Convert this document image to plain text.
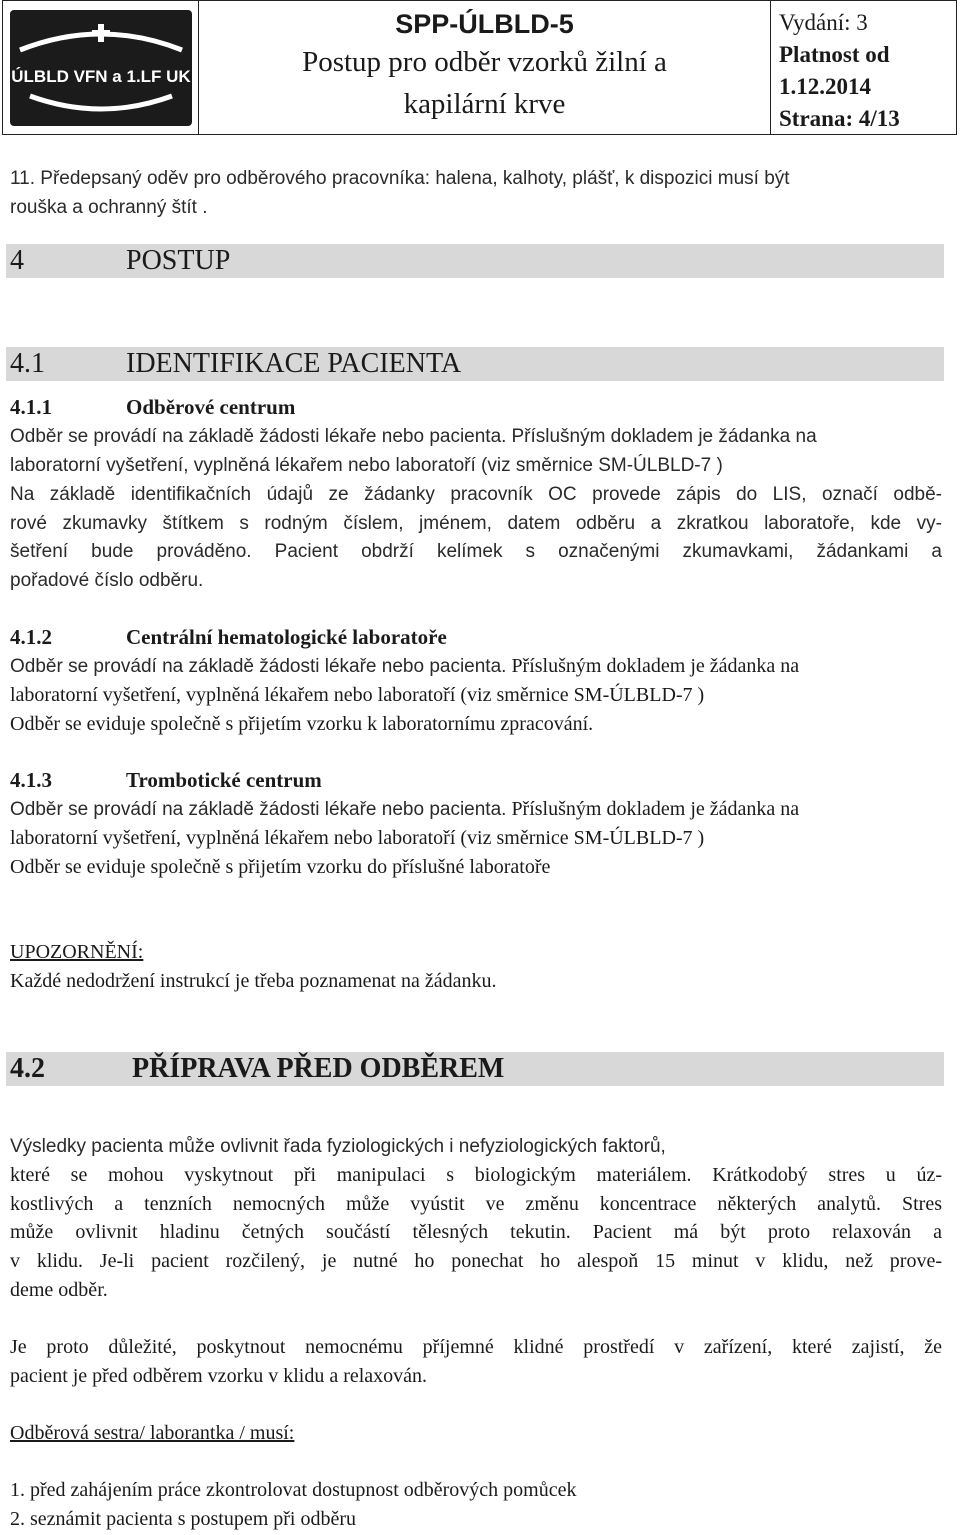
ÚLBLD VFN a 1.LF UK
SPP-ÚLBLD-5
Postup pro odběr vzorků žilní a
kapilární krve
Vydání: 3
Platnost od
1.12.2014
Strana: 4/13
11. Předepsaný oděv pro odběrového pracovníka: halena, kalhoty, plášť, k dispozici musí být
rouška a ochranný štít .
4	POSTUP
4.1	IDENTIFIKACE PACIENTA
4.1.1	Odběrové centrum
Odběr se provádí na základě žádosti lékaře nebo pacienta. Příslušným dokladem je žádanka na
laboratorní vyšetření, vyplněná lékařem nebo laboratoří (viz směrnice SM-ÚLBLD-7 )
Na základě identifikačních údajů ze žádanky pracovník OC provede zápis do LIS, označí odbě-
rové zkumavky štítkem s rodným číslem, jménem, datem odběru a zkratkou laboratoře, kde vy-
šetření bude prováděno. Pacient obdrží kelímek s označenými zkumavkami, žádankami a
pořadové číslo odběru.
4.1.2	Centrální hematologické laboratoře
Odběr se provádí na základě žádosti lékaře nebo pacienta. Příslušným dokladem je žádanka na
laboratorní vyšetření, vyplněná lékařem nebo laboratoří (viz směrnice SM-ÚLBLD-7 )
Odběr se eviduje společně s přijetím vzorku k laboratornímu zpracování.
4.1.3	Trombotické centrum
Odběr se provádí na základě žádosti lékaře nebo pacienta. Příslušným dokladem je žádanka na
laboratorní vyšetření, vyplněná lékařem nebo laboratoří (viz směrnice SM-ÚLBLD-7 )
Odběr se eviduje společně s přijetím vzorku do příslušné laboratoře
UPOZORNĚNÍ:
Každé nedodržení instrukcí je třeba poznamenat na žádanku.
4.2	PŘÍPRAVA PŘED ODBĚREM
Výsledky pacienta může ovlivnit řada fyziologických i nefyziologických faktorů,
které se mohou vyskytnout při manipulaci s biologickým materiálem. Krátkodobý stres u úz-
kostlivých a tenzních nemocných může vyústit ve změnu koncentrace některých analytů. Stres
může ovlivnit hladinu četných součástí tělesných tekutin. Pacient má být proto relaxován a
v klidu. Je-li pacient rozčilený, je nutné ho ponechat ho alespoň 15 minut v klidu, než prove-
deme odběr.
Je proto důležité, poskytnout nemocnému příjemné klidné prostředí v zařízení, které zajistí, že
pacient je před odběrem vzorku v klidu a relaxován.
Odběrová sestra/ laborantka / musí:
1. před zahájením práce zkontrolovat dostupnost odběrových pomůcek
2. seznámit pacienta s postupem při odběru
